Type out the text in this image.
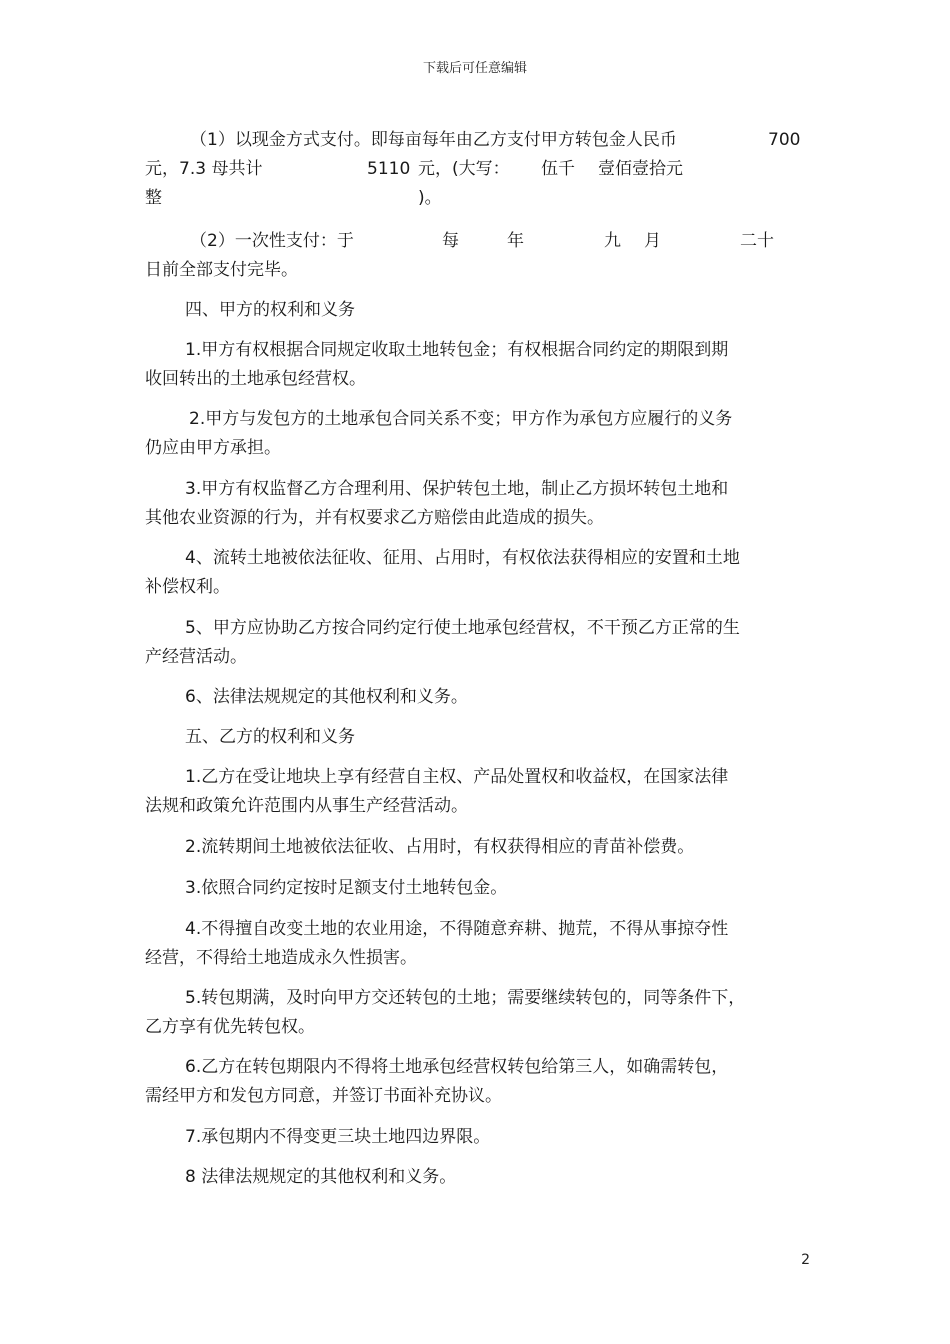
下载后可任意编辑
（1）以现金方式支付。即每亩每年由乙方支付甲方转包金人民币	700
元，7.3 母共计	5110 元，(大写： 伍千 壹佰壹拾元
整	)。
（2）一次性支付：于	每	年	九 月	二十
日前全部支付完毕。
四、甲方的权利和义务
1.甲方有权根据合同规定收取土地转包金；有权根据合同约定的期限到期
收回转出的土地承包经营权。
2.甲方与发包方的土地承包合同关系不变；甲方作为承包方应履行的义务
仍应由甲方承担。
3.甲方有权监督乙方合理利用、保护转包土地，制止乙方损坏转包土地和
其他农业资源的行为，并有权要求乙方赔偿由此造成的损失。
4、流转土地被依法征收、征用、占用时，有权依法获得相应的安置和土地
补偿权利。
5、甲方应协助乙方按合同约定行使土地承包经营权，不干预乙方正常的生
产经营活动。
6、法律法规规定的其他权利和义务。
五、乙方的权利和义务
1.乙方在受让地块上享有经营自主权、产品处置权和收益权，在国家法律
法规和政策允许范围内从事生产经营活动。
2.流转期间土地被依法征收、占用时，有权获得相应的青苗补偿费。
3.依照合同约定按时足额支付土地转包金。
4.不得擅自改变土地的农业用途，不得随意弃耕、抛荒，不得从事掠夺性
经营，不得给土地造成永久性损害。
5.转包期满，及时向甲方交还转包的土地；需要继续转包的，同等条件下，
乙方享有优先转包权。
6.乙方在转包期限内不得将土地承包经营权转包给第三人，如确需转包，
需经甲方和发包方同意，并签订书面补充协议。
7.承包期内不得变更三块土地四边界限。
8 法律法规规定的其他权利和义务。
2
